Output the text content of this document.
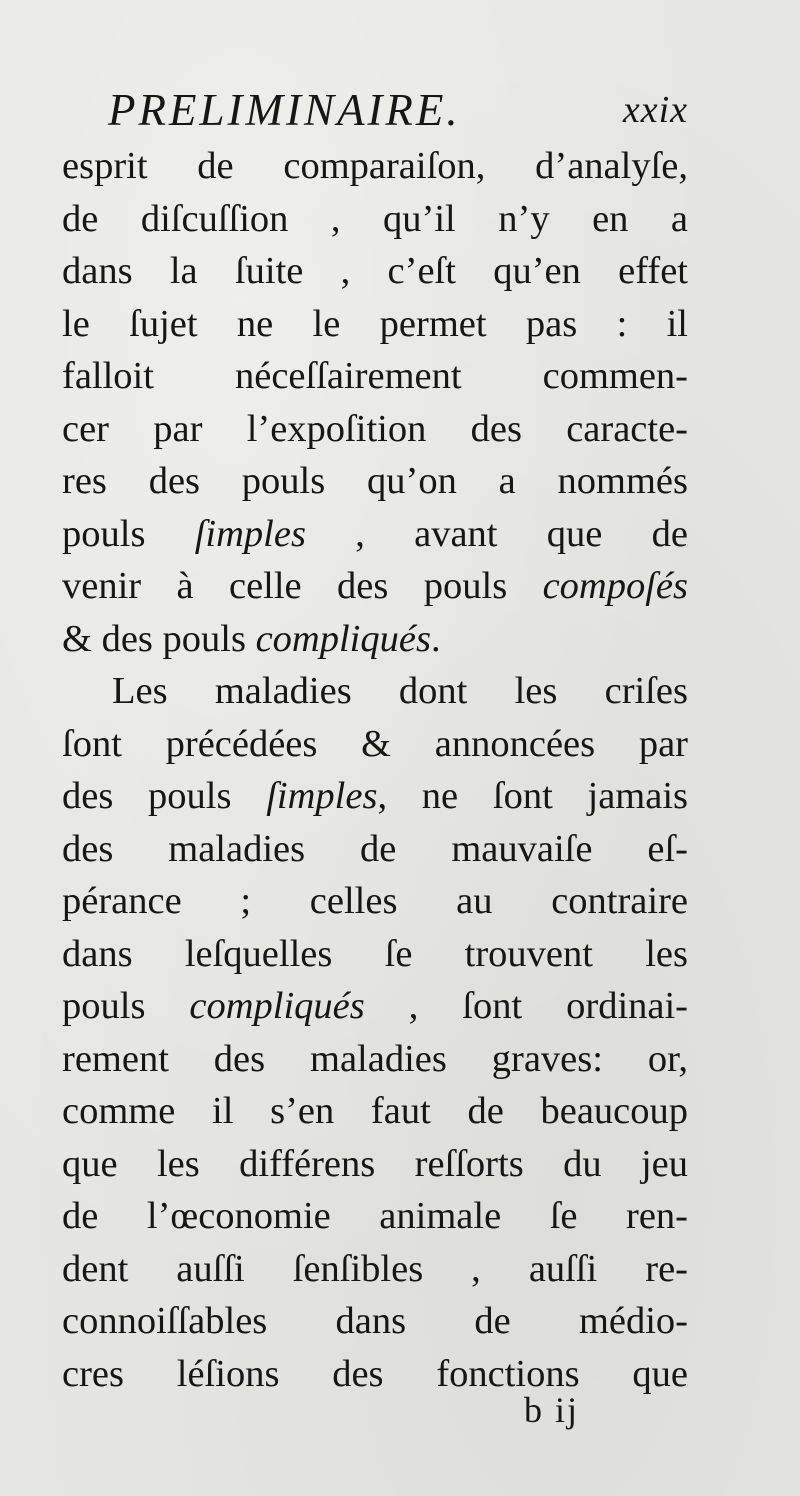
PRELIMINAIRE.	xxix
esprit de comparaiſon, d’analyſe,
de diſcuſſion , qu’il n’y en a
dans la ſuite , c’eſt qu’en effet
le ſujet ne le permet pas : il
falloit néceſſairement commen-
cer par l’expoſition des caracte-
res des pouls qu’on a nommés
pouls ſimples , avant que de
venir à celle des pouls compoſés
& des pouls compliqués.
Les maladies dont les criſes
ſont précédées & annoncées par
des pouls ſimples, ne ſont jamais
des maladies de mauvaiſe eſ-
pérance ; celles au contraire
dans leſquelles ſe trouvent les
pouls compliqués , ſont ordinai-
rement des maladies graves: or,
comme il s’en faut de beaucoup
que les différens reſſorts du jeu
de l’œconomie animale ſe ren-
dent auſſi ſenſibles , auſſi re-
connoiſſables dans de médio-
cres léſions des fonctions que
b ij
